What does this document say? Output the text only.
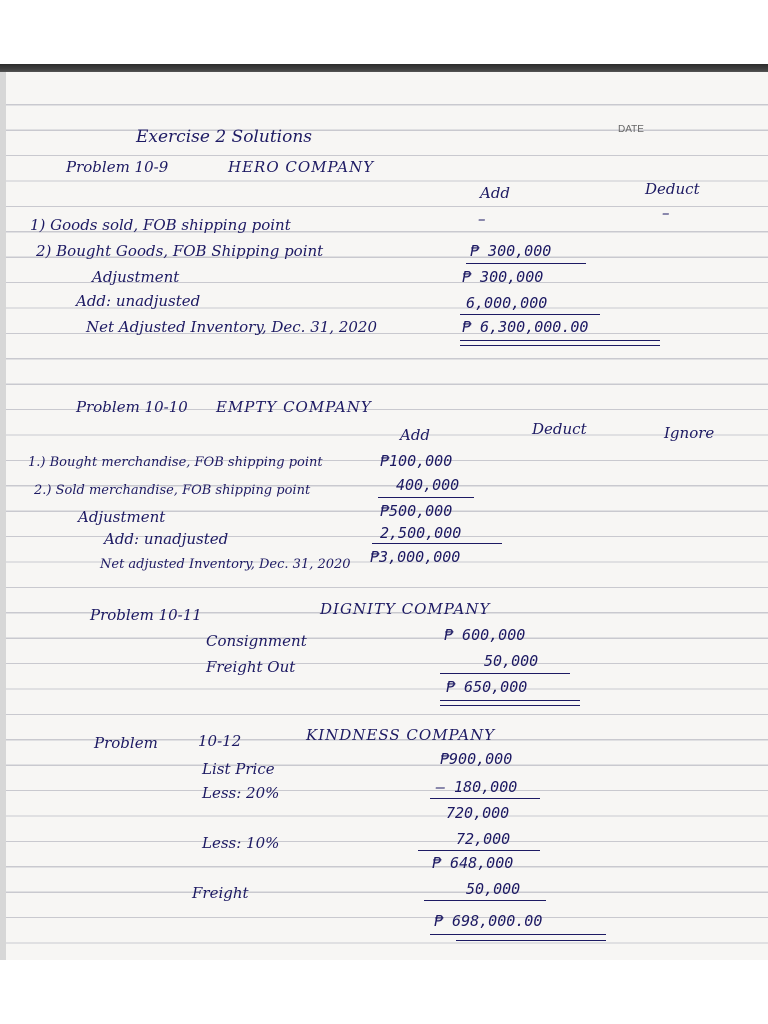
DATE
Exercise 2 Solutions
Problem 10-9	HERO COMPANY
Add	Deduct
1) Goods sold, FOB shipping point	–	–
2) Bought Goods, FOB Shipping point	₱ 300,000
Adjustment	₱ 300,000
Add: unadjusted	6,000,000
Net Adjusted Inventory, Dec. 31, 2020	₱ 6,300,000.00
Problem 10-10 EMPTY COMPANY
Add	Deduct	Ignore
1.) Bought merchandise, FOB shipping point	₱100,000
2.) Sold merchandise, FOB shipping point	400,000
Adjustment	₱500,000
Add: unadjusted	2,500,000
Net adjusted Inventory, Dec. 31, 2020 ₱3,000,000
Problem 10-11	DIGNITY COMPANY
Consignment	₱ 600,000
Freight Out	50,000
₱ 650,000
Problem	10-12	KINDNESS COMPANY
List Price
₱900,000
Less: 20%	– 180,000
720,000
Less: 10%	72,000
₱ 648,000
Freight	50,000
₱ 698,000.00
